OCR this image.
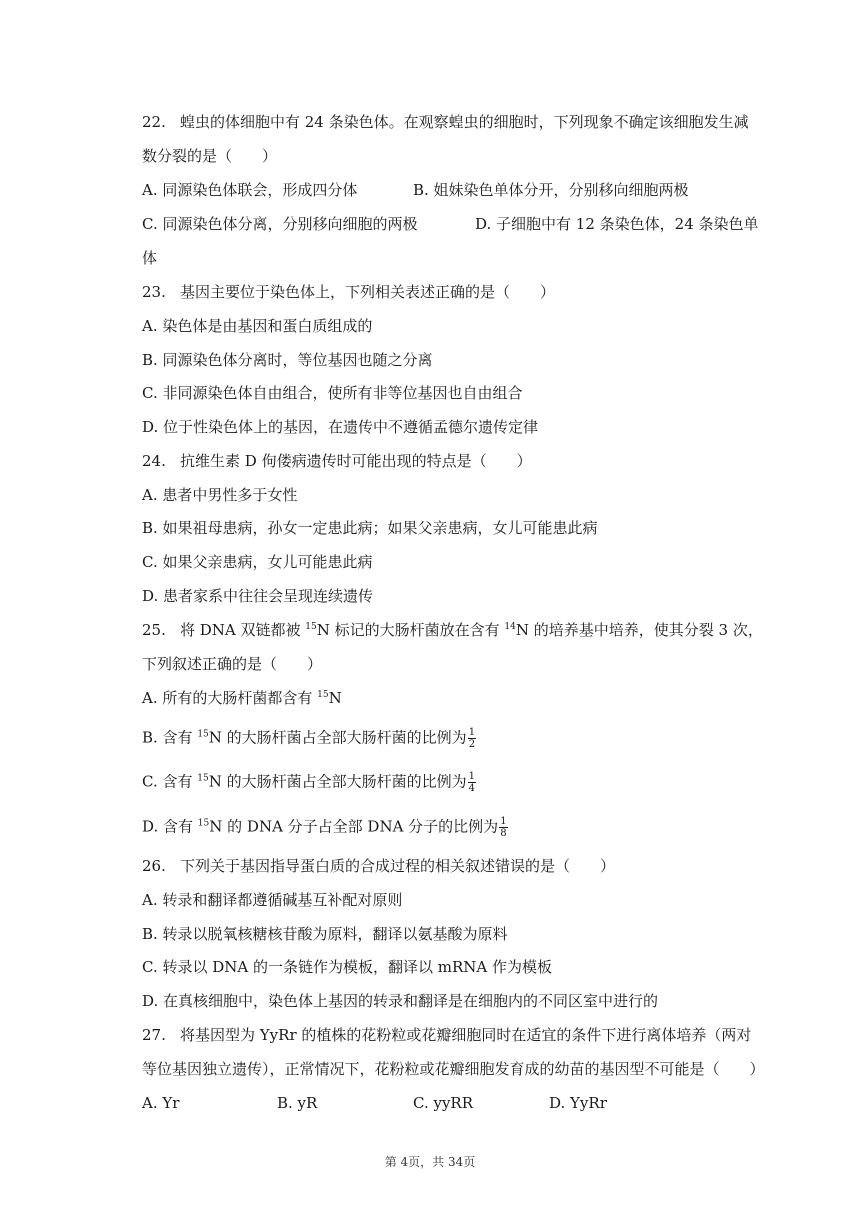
22. 蝗虫的体细胞中有 24 条染色体。在观察蝗虫的细胞时，下列现象不确定该细胞发生减
数分裂的是（　　）
A. 同源染色体联会，形成四分体	B. 姐妹染色单体分开，分别移向细胞两极
C. 同源染色体分离，分别移向细胞的两极	D. 子细胞中有 12 条染色体，24 条染色单
体
23. 基因主要位于染色体上，下列相关表述正确的是（　　）
A. 染色体是由基因和蛋白质组成的
B. 同源染色体分离时，等位基因也随之分离
C. 非同源染色体自由组合，使所有非等位基因也自由组合
D. 位于性染色体上的基因，在遗传中不遵循孟德尔遗传定律
24. 抗维生素 D 佝偻病遗传时可能出现的特点是（　　）
A. 患者中男性多于女性
B. 如果祖母患病，孙女一定患此病；如果父亲患病，女儿可能患此病
C. 如果父亲患病，女儿可能患此病
D. 患者家系中往往会呈现连续遗传
25. 将 DNA 双链都被 $^{15}$N 标记的大肠杆菌放在含有 $^{14}$N 的培养基中培养，使其分裂 3 次，
下列叙述正确的是（　　）
A. 所有的大肠杆菌都含有 $^{15}$N
B. 含有 $^{15}$N 的大肠杆菌占全部大肠杆菌的比例为 $\frac{1}{2}$
C. 含有 $^{15}$N 的大肠杆菌占全部大肠杆菌的比例为 $\frac{1}{4}$
D. 含有 $^{15}$N 的 DNA 分子占全部 DNA 分子的比例为 $\frac{1}{8}$
26. 下列关于基因指导蛋白质的合成过程的相关叙述错误的是（　　）
A. 转录和翻译都遵循碱基互补配对原则
B. 转录以脱氧核糖核苷酸为原料，翻译以氨基酸为原料
C. 转录以 DNA 的一条链作为模板，翻译以 mRNA 作为模板
D. 在真核细胞中，染色体上基因的转录和翻译是在细胞内的不同区室中进行的
27. 将基因型为 YyRr 的植株的花粉粒或花瓣细胞同时在适宜的条件下进行离体培养（两对
等位基因独立遗传），正常情况下，花粉粒或花瓣细胞发育成的幼苗的基因型不可能是（　　）
A. Yr	B. yR	C. yyRR	D. YyRr
第 4页，共 34页
